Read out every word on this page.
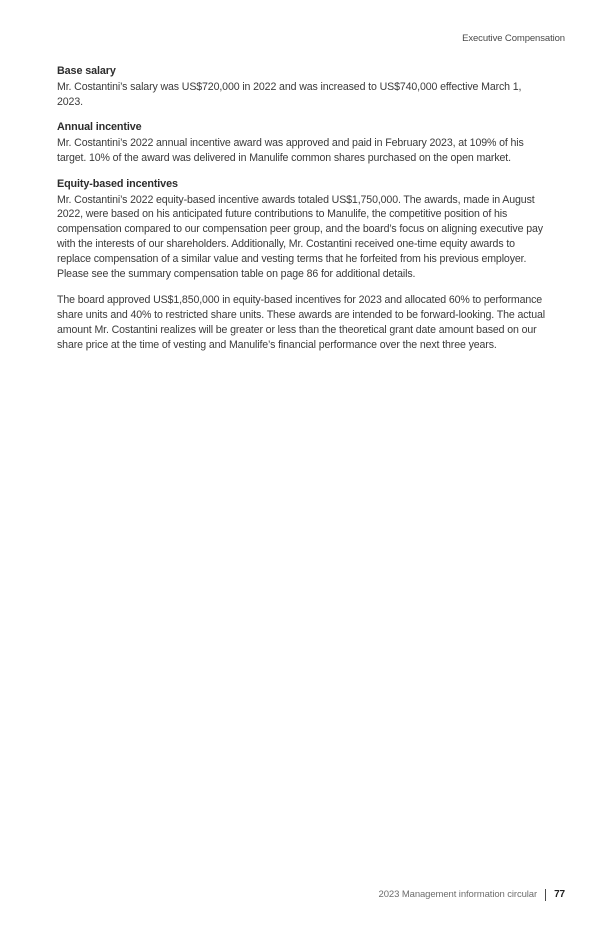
Executive Compensation
Base salary

Mr. Costantini’s salary was US$720,000 in 2022 and was increased to US$740,000 effective March 1, 2023.

Annual incentive

Mr. Costantini’s 2022 annual incentive award was approved and paid in February 2023, at 109% of his target. 10% of the award was delivered in Manulife common shares purchased on the open market.

Equity-based incentives

Mr. Costantini’s 2022 equity-based incentive awards totaled US$1,750,000. The awards, made in August 2022, were based on his anticipated future contributions to Manulife, the competitive position of his compensation compared to our compensation peer group, and the board’s focus on aligning executive pay with the interests of our shareholders. Additionally, Mr. Costantini received one-time equity awards to replace compensation of a similar value and vesting terms that he forfeited from his previous employer. Please see the summary compensation table on page 86 for additional details.

The board approved US$1,850,000 in equity-based incentives for 2023 and allocated 60% to performance share units and 40% to restricted share units. These awards are intended to be forward-looking. The actual amount Mr. Costantini realizes will be greater or less than the theoretical grant date amount based on our share price at the time of vesting and Manulife’s financial performance over the next three years.

2023 Management information circular 77
